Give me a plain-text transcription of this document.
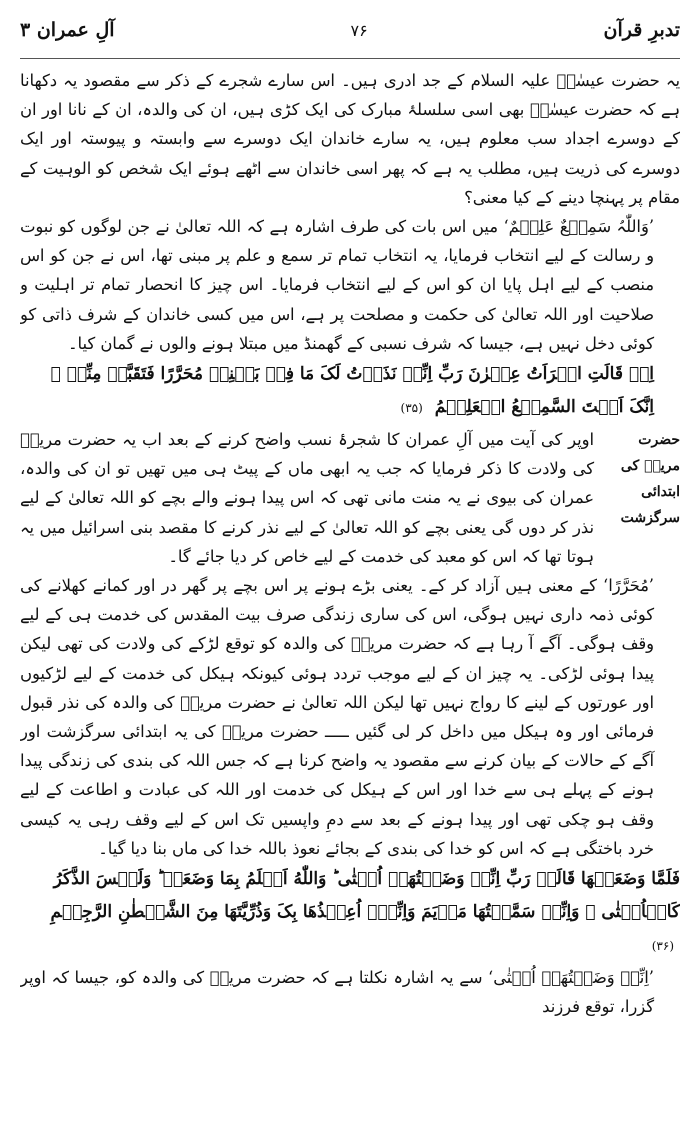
تدبرِ قرآن
۷۶
آلِ عمران ۳

یہ حضرت عیسٰیؑ علیہ السلام کے جد ادری ہیں۔ اس سارے شجرے کے ذکر سے مقصود یہ دکھانا ہے کہ حضرت عیسٰیؑ بھی اسی سلسلۂ مبارک کی ایک کڑی ہیں، ان کی والدہ، ان کے نانا اور ان کے دوسرے اجداد سب معلوم ہیں، یہ سارے خاندان ایک دوسرے سے وابستہ و پیوستہ اور ایک دوسرے کی ذریت ہیں، مطلب یہ ہے کہ پھر اسی خاندان سے اٹھے ہوئے ایک شخص کو الوہیت کے مقام پر پہنچا دینے کے کیا معنی؟

’وَاللّٰہُ سَمِیۡعٌ عَلِیۡمٌ‘ میں اس بات کی طرف اشارہ ہے کہ اللہ تعالیٰ نے جن لوگوں کو نبوت و رسالت کے لیے انتخاب فرمایا، یہ انتخاب تمام تر سمع و علم پر مبنی تھا، اس نے جن کو اس منصب کے لیے اہل پایا ان کو اس کے لیے انتخاب فرمایا۔ اس چیز کا انحصار تمام تر اہلیت و صلاحیت اور اللہ تعالیٰ کی حکمت و مصلحت پر ہے، اس میں کسی خاندان کے شرف ذاتی کو کوئی دخل نہیں ہے، جیسا کہ شرف نسبی کے گھمنڈ میں مبتلا ہونے والوں نے گمان کیا۔

اِذۡ قَالَتِ امۡرَاَتُ عِمۡرٰنَ رَبِّ اِنِّیۡ نَذَرۡتُ لَکَ مَا فِیۡ بَطۡنِیۡ مُحَرَّرًا فَتَقَبَّلۡ مِنِّیۡ ۚ اِنَّکَ اَنۡتَ السَّمِیۡعُ الۡعَلِیۡمُ (۳۵)

حضرت مریمؑ کی ابتدائی سرگزشت

اوپر کی آیت میں آلِ عمران کا شجرۂ نسب واضح کرنے کے بعد اب یہ حضرت مریمؑ کی ولادت کا ذکر فرمایا کہ جب یہ ابھی ماں کے پیٹ ہی میں تھیں تو ان کی والدہ، عمران کی بیوی نے یہ منت مانی تھی کہ اس پیدا ہونے والے بچے کو اللہ تعالیٰ کے لیے نذر کر دوں گی یعنی بچے کو اللہ تعالیٰ کے لیے نذر کرنے کا مقصد بنی اسرائیل میں یہ ہوتا تھا کہ اس کو معبد کی خدمت کے لیے خاص کر دیا جائے گا۔

’مُحَرَّرًا‘ کے معنی ہیں آزاد کر کے۔ یعنی بڑے ہونے پر اس بچے پر گھر در اور کمانے کھلانے کی کوئی ذمہ داری نہیں ہوگی، اس کی ساری زندگی صرف بیت المقدس کی خدمت ہی کے لیے وقف ہوگی۔ آگے آ رہا ہے کہ حضرت مریمؑ کی والدہ کو توقع لڑکے کی ولادت کی تھی لیکن پیدا ہوئی لڑکی۔ یہ چیز ان کے لیے موجب تردد ہوئی کیونکہ ہیکل کی خدمت کے لیے لڑکیوں اور عورتوں کے لینے کا رواج نہیں تھا لیکن اللہ تعالیٰ نے حضرت مریمؑ کی والدہ کی نذر قبول فرمائی اور وہ ہیکل میں داخل کر لی گئیں ـــــ حضرت مریمؑ کی یہ ابتدائی سرگزشت اور آگے کے حالات کے بیان کرنے سے مقصود یہ واضح کرنا ہے کہ جس اللہ کی بندی کی زندگی پیدا ہونے کے پہلے ہی سے خدا اور اس کے ہیکل کی خدمت اور اللہ کی عبادت و اطاعت کے لیے وقف ہو چکی تھی اور پیدا ہونے کے بعد سے دمِ واپسیں تک اس کے لیے وقف رہی یہ کیسی خرد باختگی ہے کہ اس کو خدا کی بندی کے بجائے نعوذ باللہ خدا کی ماں بنا دیا گیا۔

فَلَمَّا وَضَعَتۡهَا قَالَتۡ رَبِّ اِنِّیۡ وَضَعۡتُهَاۤ اُنۡثٰی ؕ وَاللّٰهُ اَعۡلَمُ بِمَا وَضَعَتۡ ؕ وَلَیۡسَ الذَّکَرُ کَالۡاُنۡثٰی ۚ وَاِنِّیۡ سَمَّیۡتُهَا مَرۡیَمَ وَاِنِّیۡۤ اُعِیۡذُهَا بِکَ وَذُرِّیَّتَهَا مِنَ الشَّیۡطٰنِ الرَّجِیۡمِ (۳۶)

’اِنِّیۡ وَضَعۡتُهَاۤ اُنۡثٰی‘ سے یہ اشارہ نکلتا ہے کہ حضرت مریمؑ کی والدہ کو، جیسا کہ اوپر گزرا، توقع فرزند
